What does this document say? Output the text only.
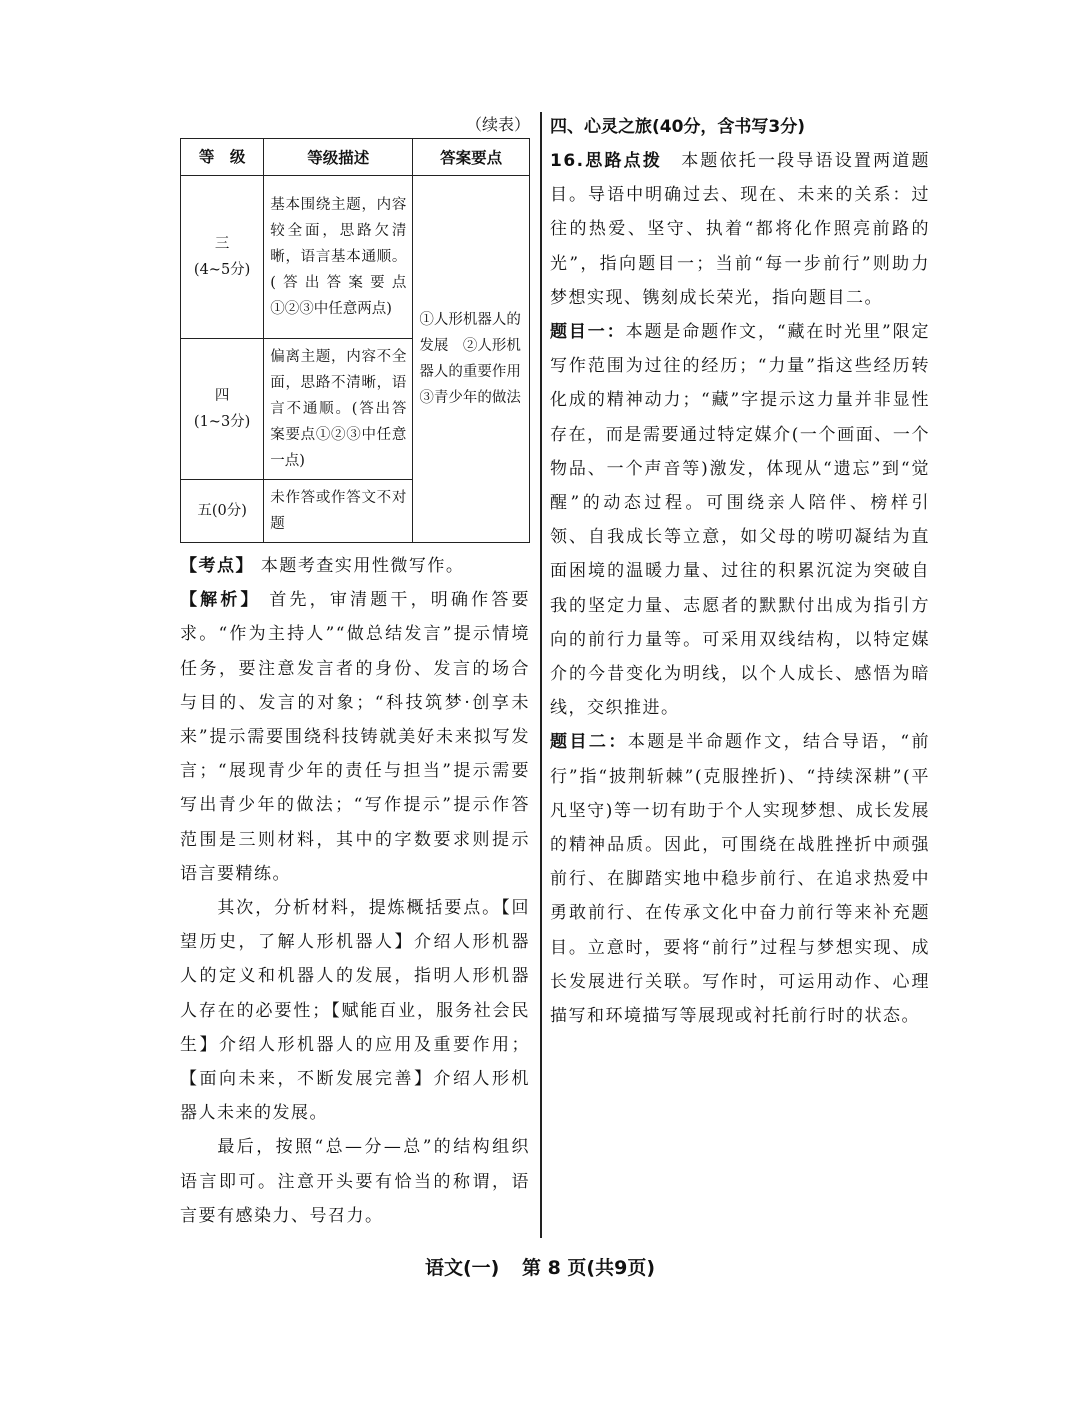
（续表）
等　级	等级描述	答案要点

三
(4~5分)	基本围绕主题，内容较全面，思路欠清晰，语言基本通顺。(答出答案要点①②③中任意两点)	①人形机器人的发展　②人形机器人的重要作用　③青少年的做法

四
(1~3分)	偏离主题，内容不全面，思路不清晰，语言不通顺。(答出答案要点①②③中任意一点)	
五(0分)	未作答或作答文不对题	

【考点】 本题考查实用性微写作。

【解析】 首先，审清题干，明确作答要求。“作为主持人”“做总结发言”提示情境任务，要注意发言者的身份、发言的场合与目的、发言的对象；“科技筑梦·创享未来”提示需要围绕科技铸就美好未来拟写发言；“展现青少年的责任与担当”提示需要写出青少年的做法；“写作提示”提示作答范围是三则材料，其中的字数要求则提示语言要精练。

其次，分析材料，提炼概括要点。【回望历史，了解人形机器人】介绍人形机器人的定义和机器人的发展，指明人形机器人存在的必要性；【赋能百业，服务社会民生】介绍人形机器人的应用及重要作用；【面向未来，不断发展完善】介绍人形机器人未来的发展。

最后，按照“总—分—总”的结构组织语言即可。注意开头要有恰当的称谓，语言要有感染力、号召力。

四、心灵之旅(40分，含书写3分)

16.思路点拨　本题依托一段导语设置两道题目。导语中明确过去、现在、未来的关系：过往的热爱、坚守、执着“都将化作照亮前路的光”，指向题目一；当前“每一步前行”则助力梦想实现、镌刻成长荣光，指向题目二。

题目一：本题是命题作文，“藏在时光里”限定写作范围为过往的经历；“力量”指这些经历转化成的精神动力；“藏”字提示这力量并非显性存在，而是需要通过特定媒介(一个画面、一个物品、一个声音等)激发，体现从“遗忘”到“觉醒”的动态过程。可围绕亲人陪伴、榜样引领、自我成长等立意，如父母的唠叨凝结为直面困境的温暖力量、过往的积累沉淀为突破自我的坚定力量、志愿者的默默付出成为指引方向的前行力量等。可采用双线结构，以特定媒介的今昔变化为明线，以个人成长、感悟为暗线，交织推进。

题目二：本题是半命题作文，结合导语，“前行”指“披荆斩棘”(克服挫折)、“持续深耕”(平凡坚守)等一切有助于个人实现梦想、成长发展的精神品质。因此，可围绕在战胜挫折中顽强前行、在脚踏实地中稳步前行、在追求热爱中勇敢前行、在传承文化中奋力前行等来补充题目。立意时，要将“前行”过程与梦想实现、成长发展进行关联。写作时，可运用动作、心理描写和环境描写等展现或衬托前行时的状态。

语文(一) 第 8 页(共9页)
